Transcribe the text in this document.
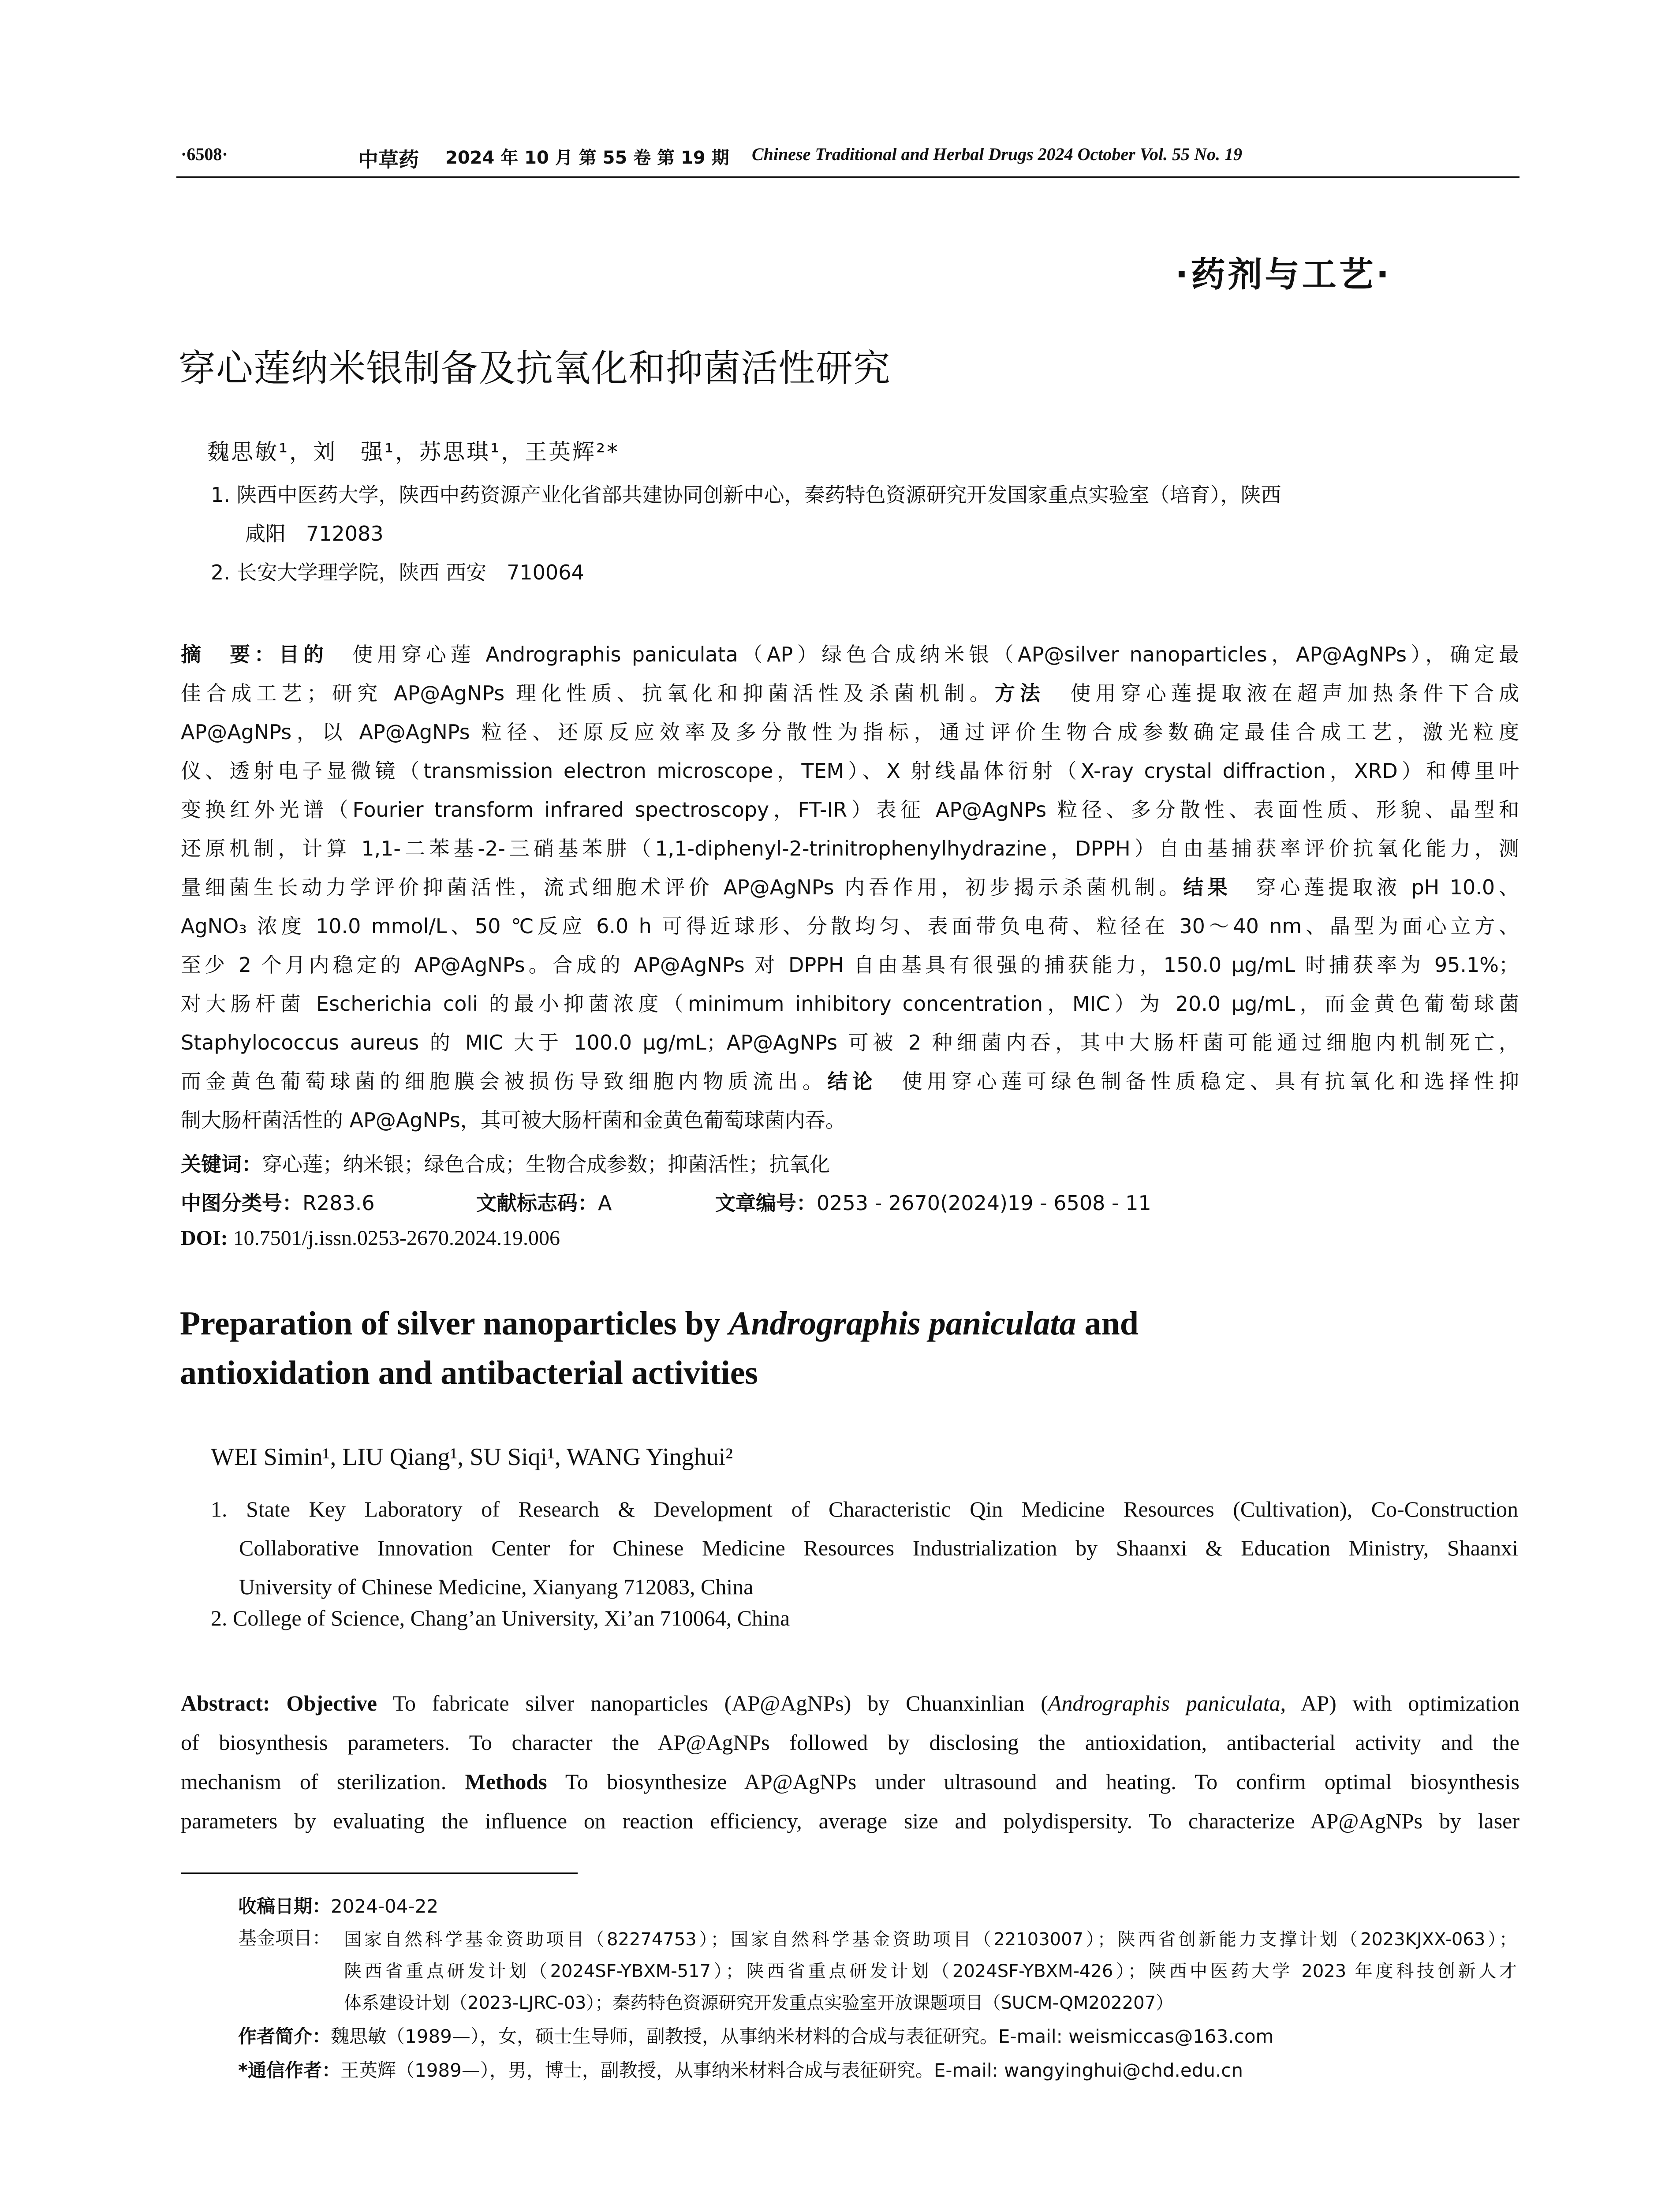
·6508·	中草药 2024 年 10 月 第 55 卷 第 19 期 Chinese Traditional and Herbal Drugs 2024 October Vol. 55 No. 19
·药剂与工艺·
穿心莲纳米银制备及抗氧化和抑菌活性研究
魏思敏¹，刘　强¹，苏思琪¹，王英辉²*
1. 陕西中医药大学，陕西中药资源产业化省部共建协同创新中心，秦药特色资源研究开发国家重点实验室（培育），陕西
咸阳　712083
2. 长安大学理学院，陕西 西安　710064
摘　要：目的　使用穿心莲 Andrographis paniculata（AP）绿色合成纳米银（AP@silver nanoparticles，AP@AgNPs），确定最
佳合成工艺；研究 AP@AgNPs 理化性质、抗氧化和抑菌活性及杀菌机制。方法　使用穿心莲提取液在超声加热条件下合成
AP@AgNPs，以 AP@AgNPs 粒径、还原反应效率及多分散性为指标，通过评价生物合成参数确定最佳合成工艺，激光粒度
仪、透射电子显微镜（transmission electron microscope，TEM）、X 射线晶体衍射（X-ray crystal diffraction，XRD）和傅里叶
变换红外光谱（Fourier transform infrared spectroscopy，FT-IR）表征 AP@AgNPs 粒径、多分散性、表面性质、形貌、晶型和
还原机制，计算 1,1-二苯基-2-三硝基苯肼（1,1-diphenyl-2-trinitrophenylhydrazine，DPPH）自由基捕获率评价抗氧化能力，测
量细菌生长动力学评价抑菌活性，流式细胞术评价 AP@AgNPs 内吞作用，初步揭示杀菌机制。结果　穿心莲提取液 pH 10.0、
AgNO₃ 浓度 10.0 mmol/L、50 ℃反应 6.0 h 可得近球形、分散均匀、表面带负电荷、粒径在 30～40 nm、晶型为面心立方、
至少 2 个月内稳定的 AP@AgNPs。合成的 AP@AgNPs 对 DPPH 自由基具有很强的捕获能力，150.0 μg/mL 时捕获率为 95.1%；
对大肠杆菌 Escherichia coli 的最小抑菌浓度（minimum inhibitory concentration，MIC）为 20.0 μg/mL，而金黄色葡萄球菌
Staphylococcus aureus 的 MIC 大于 100.0 μg/mL；AP@AgNPs 可被 2 种细菌内吞，其中大肠杆菌可能通过细胞内机制死亡，
而金黄色葡萄球菌的细胞膜会被损伤导致细胞内物质流出。结论　使用穿心莲可绿色制备性质稳定、具有抗氧化和选择性抑
制大肠杆菌活性的 AP@AgNPs，其可被大肠杆菌和金黄色葡萄球菌内吞。
关键词：穿心莲；纳米银；绿色合成；生物合成参数；抑菌活性；抗氧化
中图分类号：R283.6	文献标志码：A	文章编号：0253 - 2670(2024)19 - 6508 - 11
DOI: 10.7501/j.issn.0253-2670.2024.19.006
Preparation of silver nanoparticles by Andrographis paniculata and
antioxidation and antibacterial activities
WEI Simin¹, LIU Qiang¹, SU Siqi¹, WANG Yinghui²
1. State Key Laboratory of Research & Development of Characteristic Qin Medicine Resources (Cultivation), Co-Construction
Collaborative Innovation Center for Chinese Medicine Resources Industrialization by Shaanxi & Education Ministry, Shaanxi
University of Chinese Medicine, Xianyang 712083, China
2. College of Science, Chang’an University, Xi’an 710064, China
Abstract: Objective To fabricate silver nanoparticles (AP@AgNPs) by Chuanxinlian (Andrographis paniculata, AP) with optimization
of biosynthesis parameters. To character the AP@AgNPs followed by disclosing the antioxidation, antibacterial activity and the
mechanism of sterilization. Methods To biosynthesize AP@AgNPs under ultrasound and heating. To confirm optimal biosynthesis
parameters by evaluating the influence on reaction efficiency, average size and polydispersity. To characterize AP@AgNPs by laser
收稿日期：2024-04-22
基金项目： 国家自然科学基金资助项目（82274753）；国家自然科学基金资助项目（22103007）；陕西省创新能力支撑计划（2023KJXX-063）；
陕西省重点研发计划（2024SF-YBXM-517）；陕西省重点研发计划（2024SF-YBXM-426）；陕西中医药大学 2023 年度科技创新人才
体系建设计划（2023-LJRC-03）；秦药特色资源研究开发重点实验室开放课题项目（SUCM-QM202207）
作者简介：魏思敏（1989—），女，硕士生导师，副教授，从事纳米材料的合成与表征研究。E-mail: weismiccas@163.com
*通信作者：王英辉（1989—），男，博士，副教授，从事纳米材料合成与表征研究。E-mail: wangyinghui@chd.edu.cn
